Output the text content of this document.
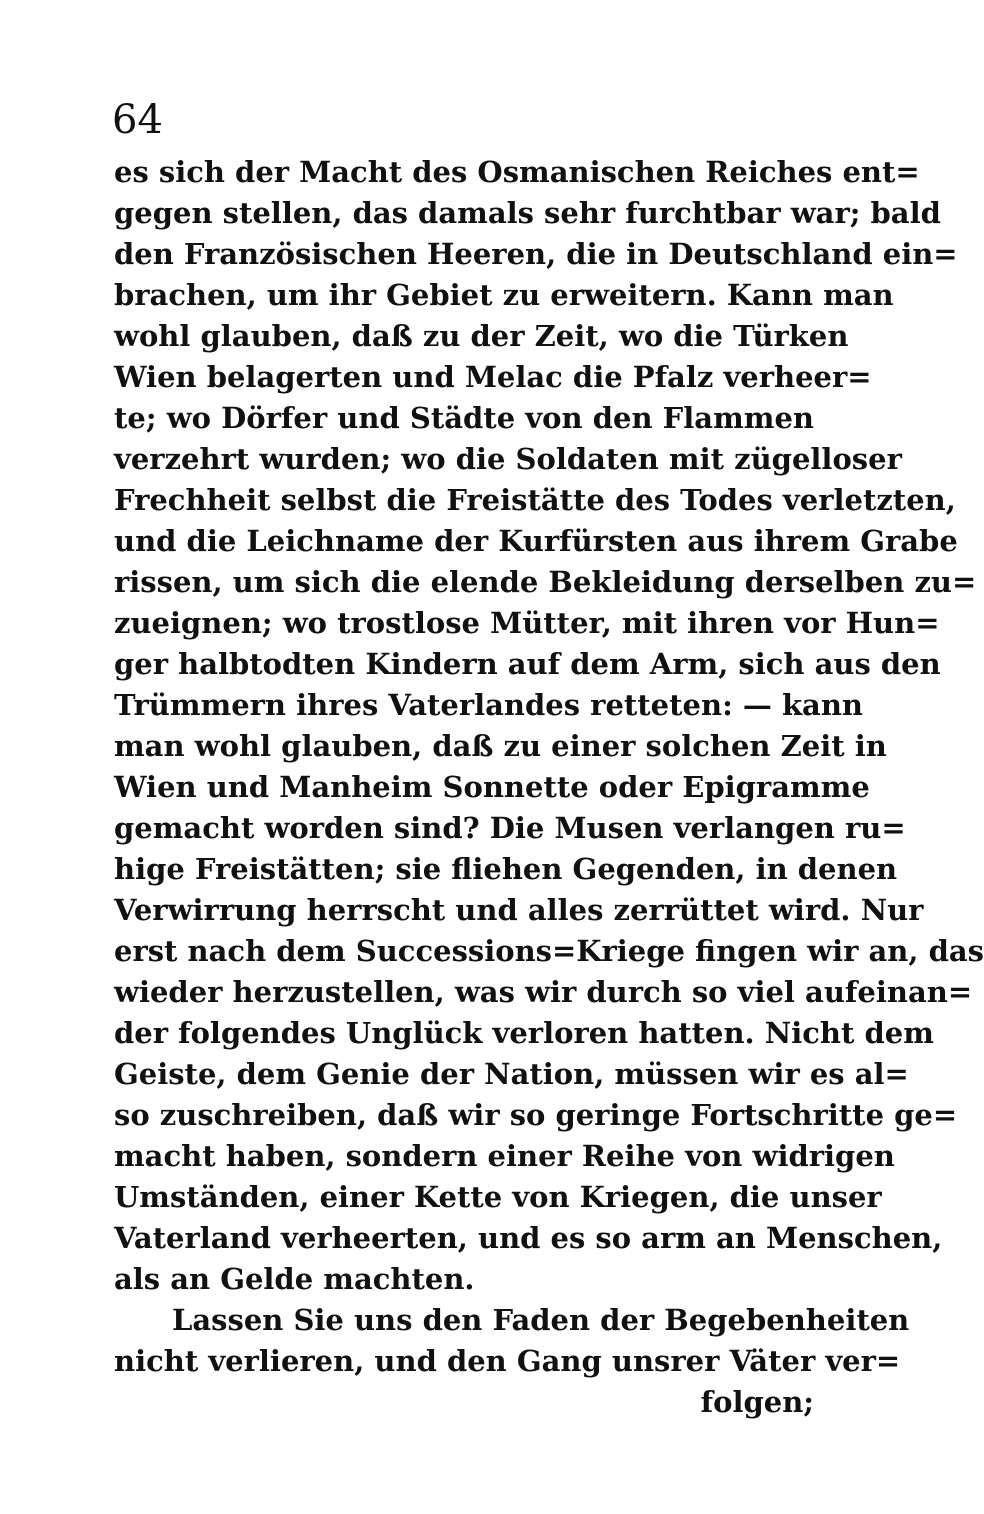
64
es sich der Macht des Osmanischen Reiches ent=
gegen stellen, das damals sehr furchtbar war; bald
den Französischen Heeren, die in Deutschland ein=
brachen, um ihr Gebiet zu erweitern. Kann man
wohl glauben, daß zu der Zeit, wo die Türken
Wien belagerten und Melac die Pfalz verheer=
te; wo Dörfer und Städte von den Flammen
verzehrt wurden; wo die Soldaten mit zügelloser
Frechheit selbst die Freistätte des Todes verletzten,
und die Leichname der Kurfürsten aus ihrem Grabe
rissen, um sich die elende Bekleidung derselben zu=
zueignen; wo trostlose Mütter, mit ihren vor Hun=
ger halbtodten Kindern auf dem Arm, sich aus den
Trümmern ihres Vaterlandes retteten: — kann
man wohl glauben, daß zu einer solchen Zeit in
Wien und Manheim Sonnette oder Epigramme
gemacht worden sind? Die Musen verlangen ru=
hige Freistätten; sie fliehen Gegenden, in denen
Verwirrung herrscht und alles zerrüttet wird. Nur
erst nach dem Successions=Kriege fingen wir an, das
wieder herzustellen, was wir durch so viel aufeinan=
der folgendes Unglück verloren hatten. Nicht dem
Geiste, dem Genie der Nation, müssen wir es al=
so zuschreiben, daß wir so geringe Fortschritte ge=
macht haben, sondern einer Reihe von widrigen
Umständen, einer Kette von Kriegen, die unser
Vaterland verheerten, und es so arm an Menschen,
als an Gelde machten.
Lassen Sie uns den Faden der Begebenheiten
nicht verlieren, und den Gang unsrer Väter ver=
folgen;
